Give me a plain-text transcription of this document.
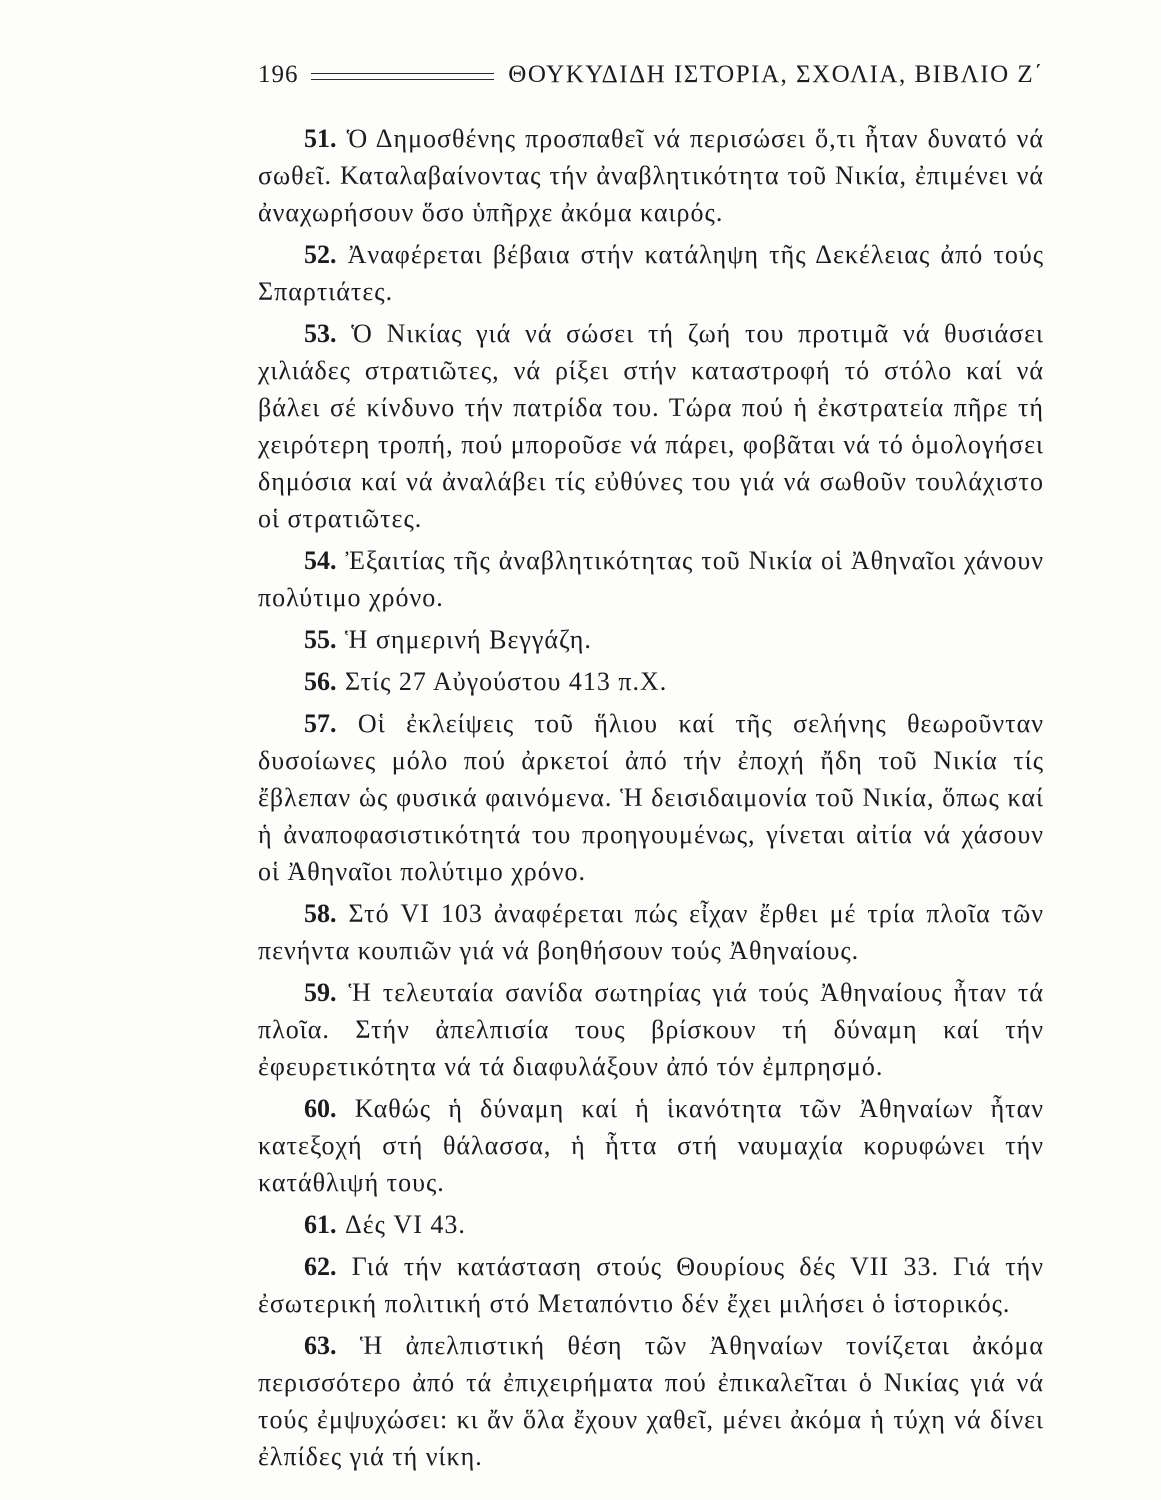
196	ΘΟΥΚΥΔΙΔΗ ΙΣΤΟΡΙΑ, ΣΧΟΛΙΑ, ΒΙΒΛΙΟ Ζ΄

51. Ὁ Δημοσθένης προσπαθεῖ νά περισώσει ὅ,τι ἦταν δυνατό νά σωθεῖ. Καταλαβαίνοντας τήν ἀναβλητικότητα τοῦ Νικία, ἐπιμένει νά ἀναχωρήσουν ὅσο ὑπῆρχε ἀκόμα καιρός.

52. Ἀναφέρεται βέβαια στήν κατάληψη τῆς Δεκέλειας ἀπό τούς Σπαρτιάτες.

53. Ὁ Νικίας γιά νά σώσει τή ζωή του προτιμᾶ νά θυσιάσει χιλιάδες στρατιῶτες, νά ρίξει στήν καταστροφή τό στόλο καί νά βάλει σέ κίνδυνο τήν πατρίδα του. Τώρα πού ἡ ἐκστρατεία πῆρε τή χειρότερη τροπή, πού μποροῦσε νά πάρει, φοβᾶται νά τό ὁμολογήσει δημόσια καί νά ἀναλάβει τίς εὐθύνες του γιά νά σωθοῦν τουλάχιστο οἱ στρατιῶτες.

54. Ἐξαιτίας τῆς ἀναβλητικότητας τοῦ Νικία οἱ Ἀθηναῖοι χάνουν πολύτιμο χρόνο.

55. Ἡ σημερινή Βεγγάζη.

56. Στίς 27 Αὐγούστου 413 π.Χ.

57. Οἱ ἐκλείψεις τοῦ ἥλιου καί τῆς σελήνης θεωροῦνταν δυσοίωνες μόλο πού ἀρκετοί ἀπό τήν ἐποχή ἤδη τοῦ Νικία τίς ἔβλεπαν ὡς φυσικά φαινόμενα. Ἡ δεισιδαιμονία τοῦ Νικία, ὅπως καί ἡ ἀναποφασιστικότητά του προηγουμένως, γίνεται αἰτία νά χάσουν οἱ Ἀθηναῖοι πολύτιμο χρόνο.

58. Στό VI 103 ἀναφέρεται πώς εἶχαν ἔρθει μέ τρία πλοῖα τῶν πενήντα κουπιῶν γιά νά βοηθήσουν τούς Ἀθηναίους.

59. Ἡ τελευταία σανίδα σωτηρίας γιά τούς Ἀθηναίους ἦταν τά πλοῖα. Στήν ἀπελπισία τους βρίσκουν τή δύναμη καί τήν ἐφευρετικότητα νά τά διαφυλάξουν ἀπό τόν ἐμπρησμό.

60. Καθώς ἡ δύναμη καί ἡ ἱκανότητα τῶν Ἀθηναίων ἦταν κατεξοχή στή θάλασσα, ἡ ἧττα στή ναυμαχία κορυφώνει τήν κατάθλιψή τους.

61. Δές VI 43.

62. Γιά τήν κατάσταση στούς Θουρίους δές VII 33. Γιά τήν ἐσωτερική πολιτική στό Μεταπόντιο δέν ἔχει μιλήσει ὁ ἱστορικός.

63. Ἡ ἀπελπιστική θέση τῶν Ἀθηναίων τονίζεται ἀκόμα περισσότερο ἀπό τά ἐπιχειρήματα πού ἐπικαλεῖται ὁ Νικίας γιά νά τούς ἐμψυχώσει: κι ἄν ὅλα ἔχουν χαθεῖ, μένει ἀκόμα ἡ τύχη νά δίνει ἐλπίδες γιά τή νίκη.
